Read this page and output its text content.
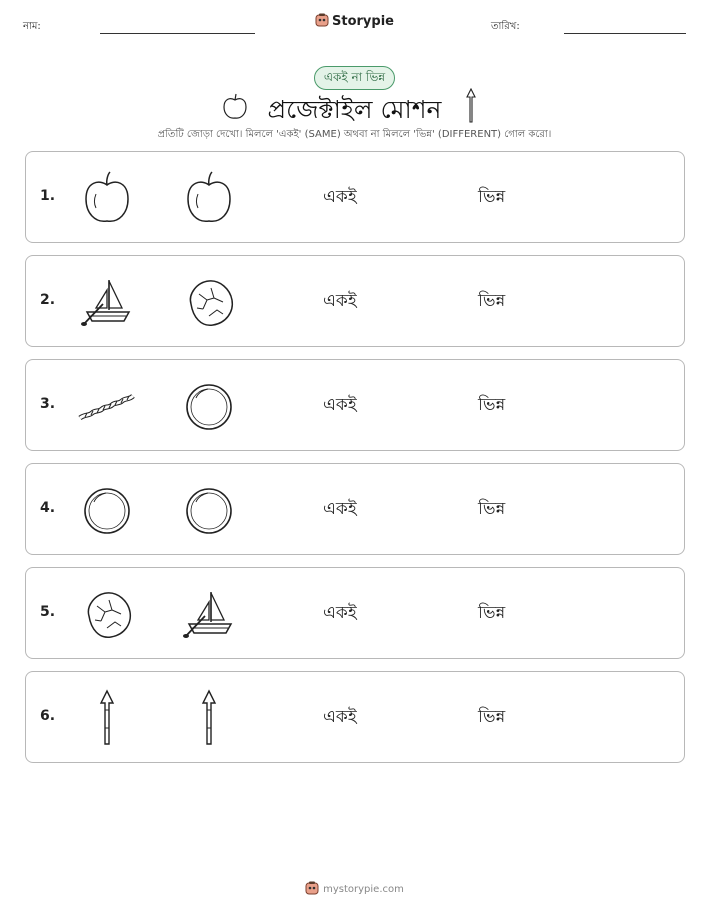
নাম:	Storypie	তারিখ:
একই না ভিন্ন
প্রজেক্টাইল মোশন
প্রতিটি জোড়া দেখো। মিললে 'একই' (SAME) অথবা না মিললে 'ভিন্ন' (DIFFERENT) গোল করো।
1.	একই	ভিন্ন
2.	একই	ভিন্ন
3.	একই	ভিন্ন
4.	একই	ভিন্ন
5.	একই	ভিন্ন
6.	একই	ভিন্ন
mystorypie.com
